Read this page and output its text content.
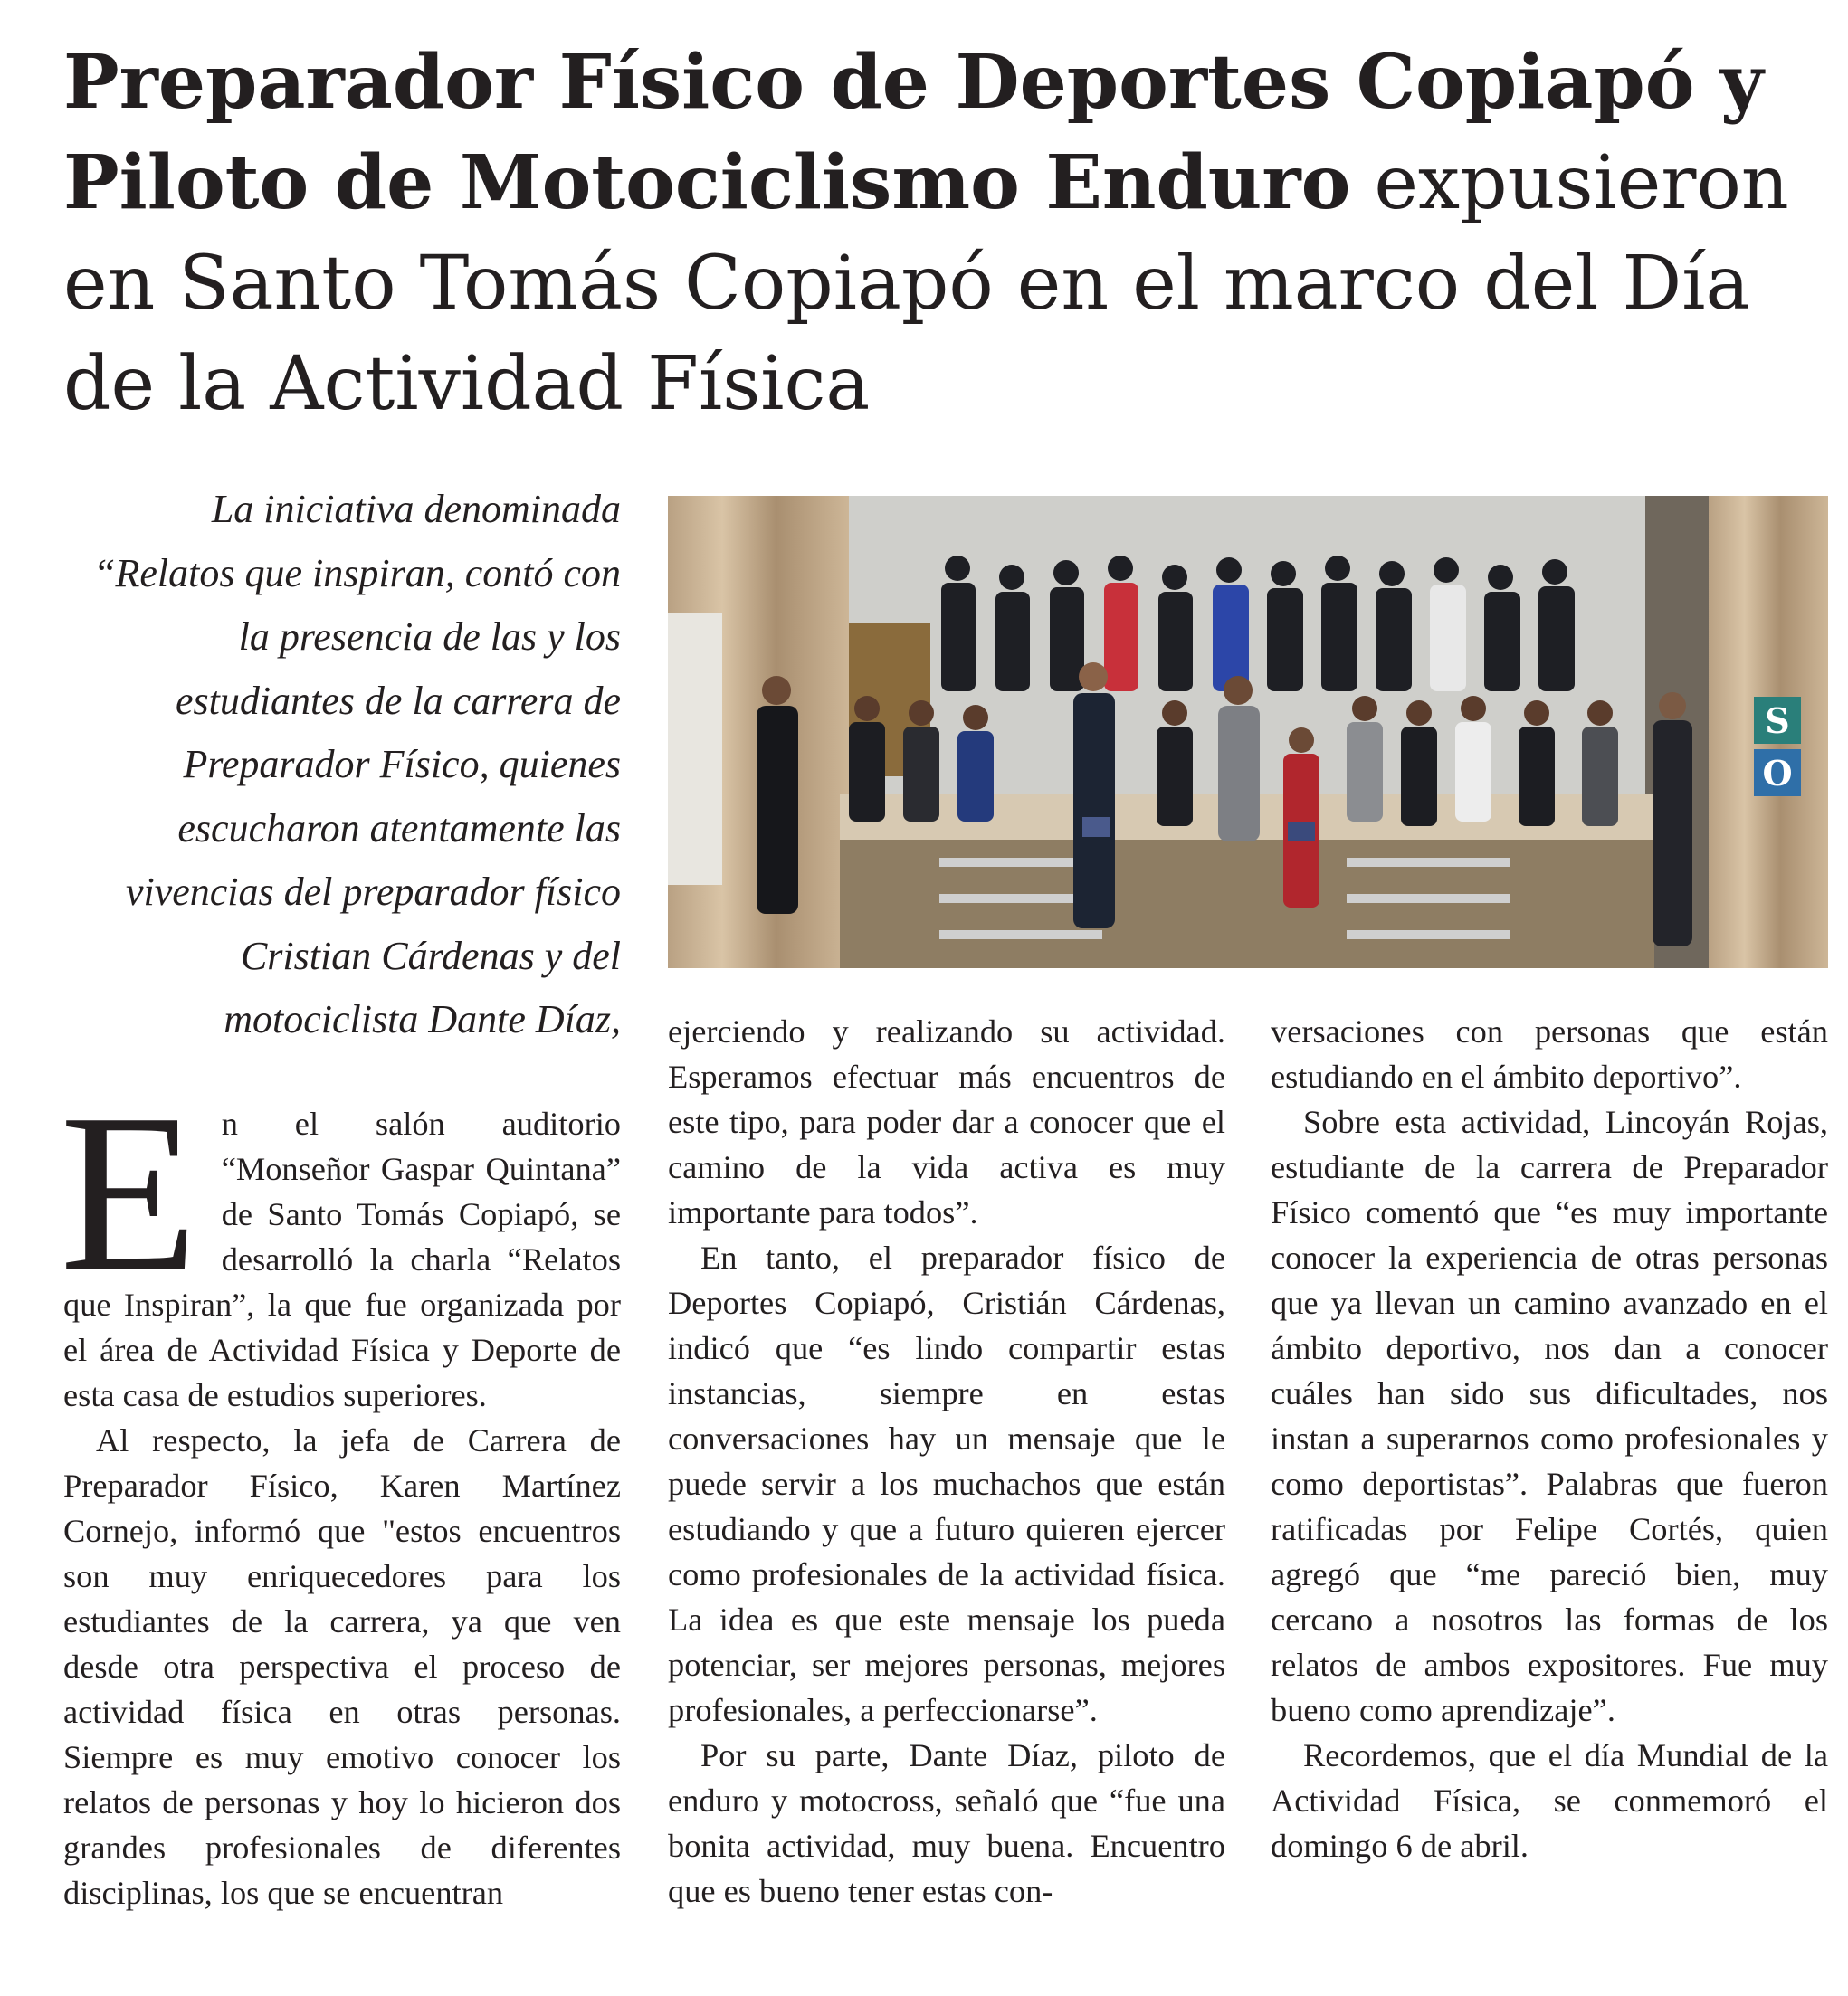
Preparador Físico de Deportes Copiapó y Piloto de Motociclismo Enduro expusieron en Santo Tomás Copiapó en el marco del Día de la Actividad Física

La iniciativa denominada “Relatos que inspiran, contó con la presencia de las y los estudiantes de la carrera de Preparador Físico, quienes escucharon atentamente las vivencias del preparador físico Cristian Cárdenas y del motociclista Dante Díaz,

S
O
E n el salón auditorio “Monseñor Gaspar Quintana” de Santo Tomás Copiapó, se desarrolló la charla “Relatos que Inspiran”, la que fue organizada por el área de Actividad Física y Deporte de esta casa de estudios superiores.

Al respecto, la jefa de Carrera de Preparador Físico, Karen Martínez Cornejo, informó que "estos encuentros son muy enriquecedores para los estudiantes de la carrera, ya que ven desde otra perspectiva el proceso de actividad física en otras personas. Siempre es muy emotivo conocer los relatos de personas y hoy lo hicieron dos grandes profesionales de diferentes disciplinas, los que se encuentran

ejerciendo y realizando su actividad. Esperamos efectuar más encuentros de este tipo, para poder dar a conocer que el camino de la vida activa es muy importante para todos”.

En tanto, el preparador físico de Deportes Copiapó, Cristián Cárdenas, indicó que “es lindo compartir estas instancias, siempre en estas conversaciones hay un mensaje que le puede servir a los muchachos que están estudiando y que a futuro quieren ejercer como profesionales de la actividad física. La idea es que este mensaje los pueda potenciar, ser mejores personas, mejores profesionales, a perfeccionarse”.

Por su parte, Dante Díaz, piloto de enduro y motocross, señaló que “fue una bonita actividad, muy buena. Encuentro que es bueno tener estas con-

versaciones con personas que están estudiando en el ámbito deportivo”.

Sobre esta actividad, Lincoyán Rojas, estudiante de la carrera de Preparador Físico comentó que “es muy importante conocer la experiencia de otras personas que ya llevan un camino avanzado en el ámbito deportivo, nos dan a conocer cuáles han sido sus dificultades, nos instan a superarnos como profesionales y como deportistas”. Palabras que fueron ratificadas por Felipe Cortés, quien agregó que “me pareció bien, muy cercano a nosotros las formas de los relatos de ambos expositores. Fue muy bueno como aprendizaje”.

Recordemos, que el día Mundial de la Actividad Física, se conmemoró el domingo 6 de abril.
